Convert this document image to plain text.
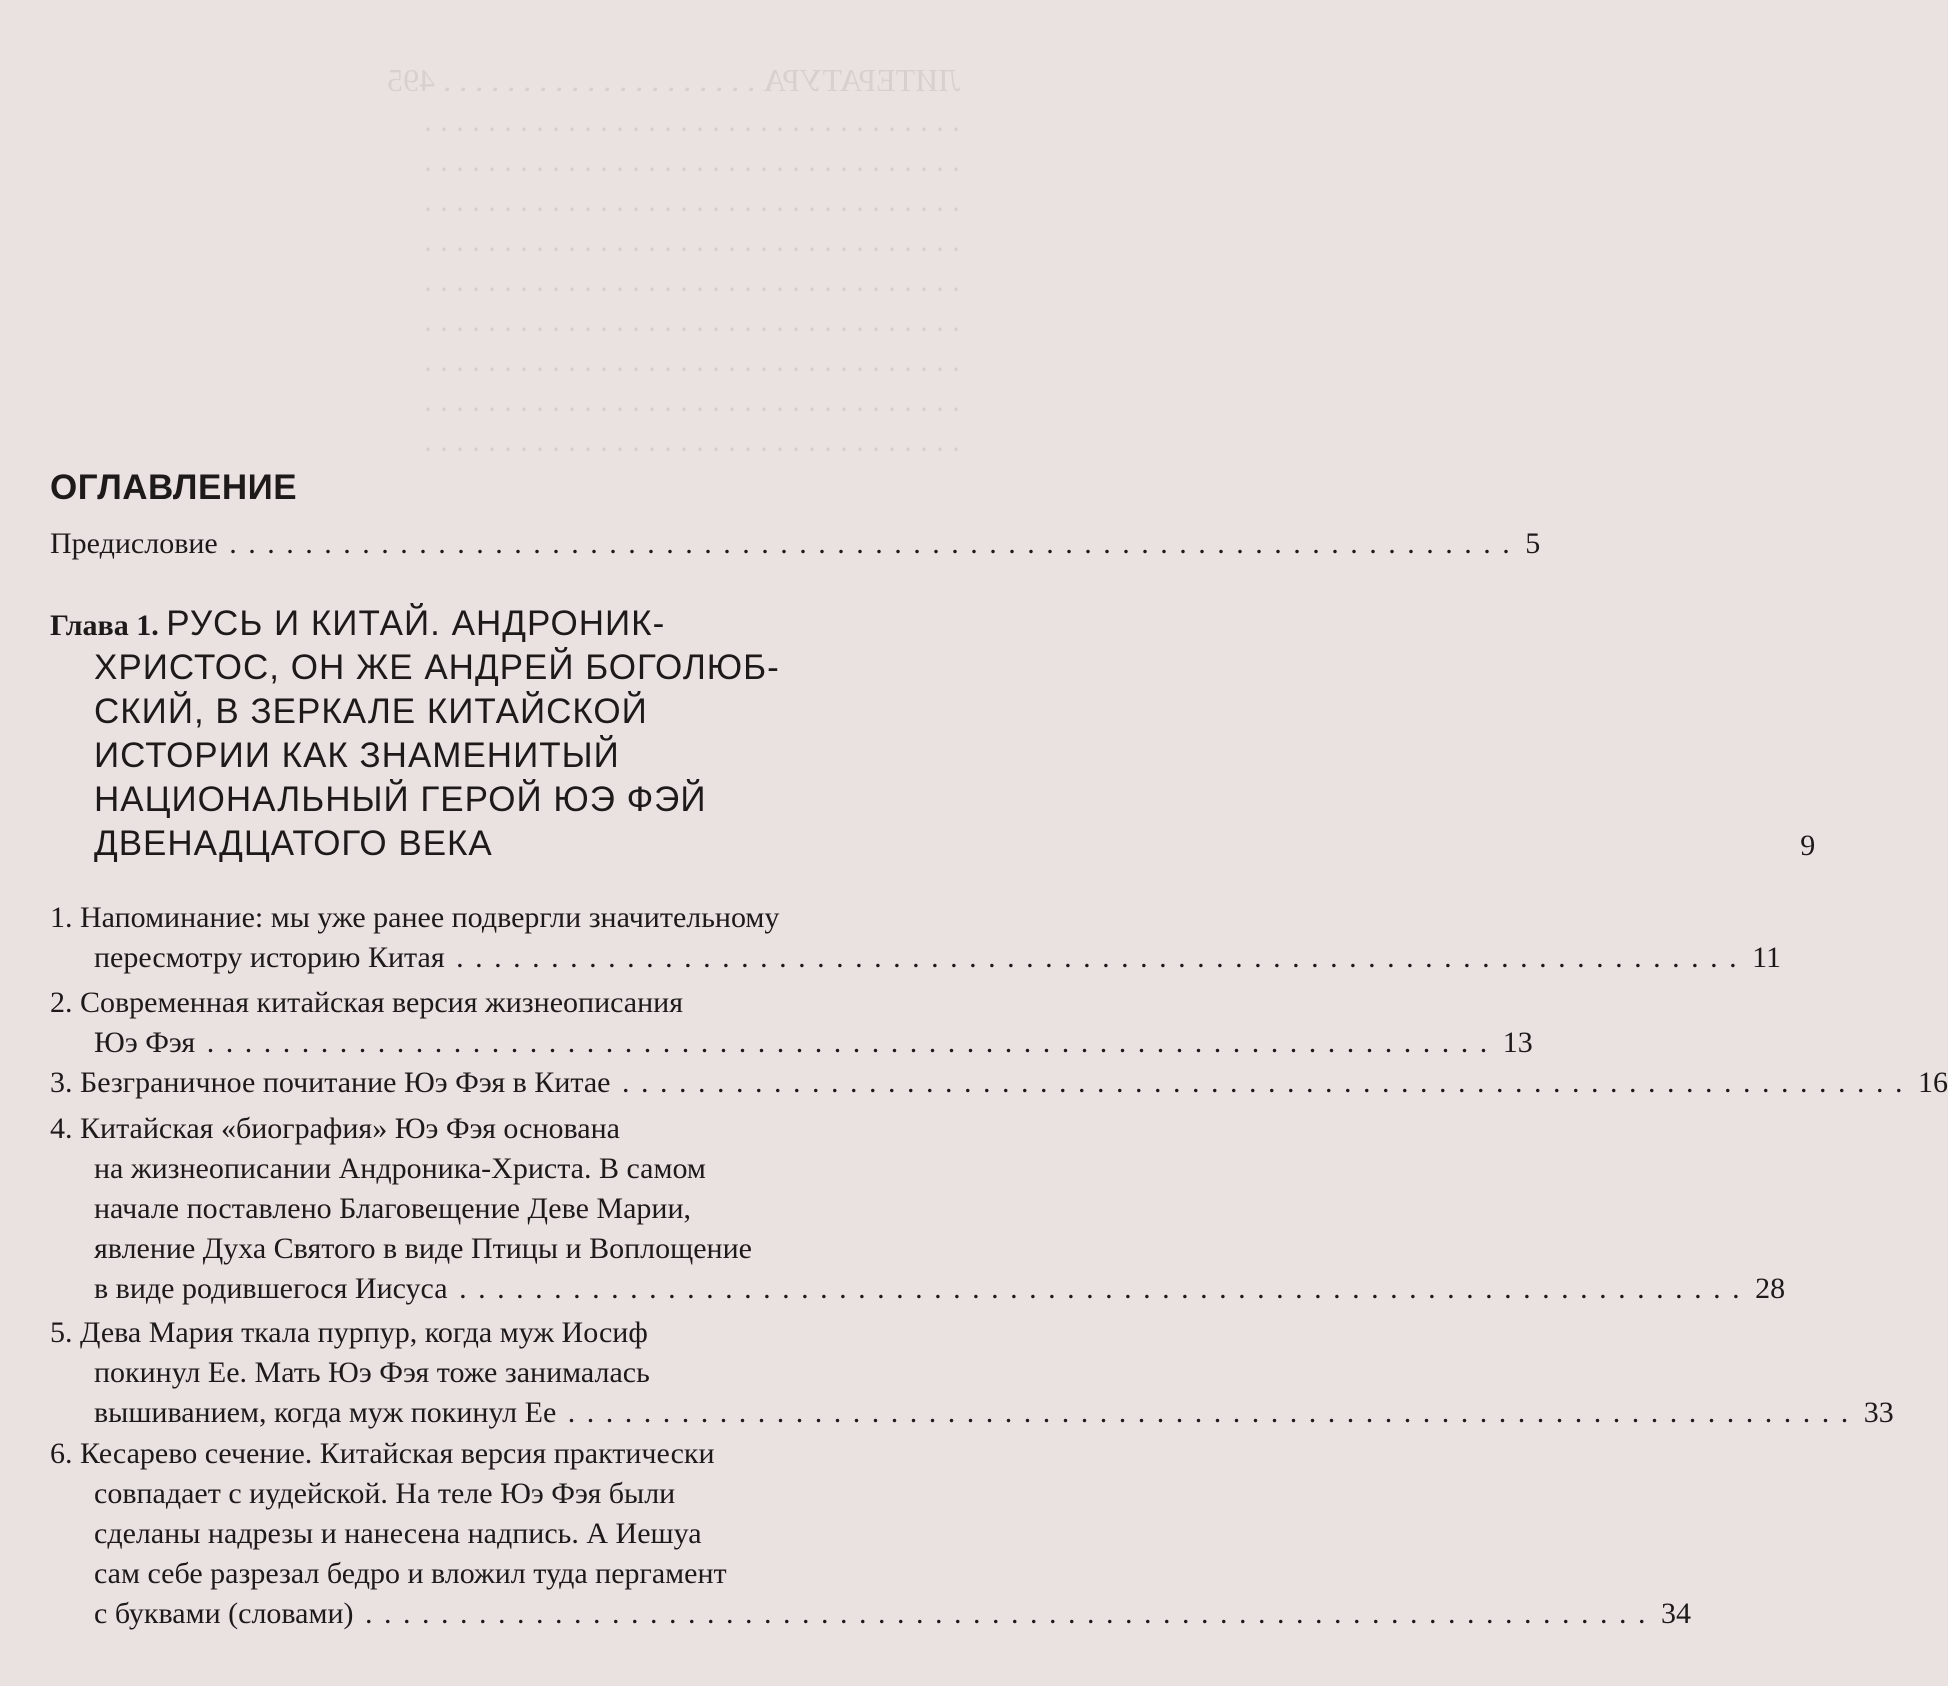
ЛИТЕРАТУРА . . . . . . . . . . . . . . . . . . . . 495
. . . . . . . . . . . . . . . . . . . . . . . . . . . . . . . . . .
. . . . . . . . . . . . . . . . . . . . . . . . . . . . . . . . . .
. . . . . . . . . . . . . . . . . . . . . . . . . . . . . . . . . .
. . . . . . . . . . . . . . . . . . . . . . . . . . . . . . . . . .
. . . . . . . . . . . . . . . . . . . . . . . . . . . . . . . . . .
. . . . . . . . . . . . . . . . . . . . . . . . . . . . . . . . . .
. . . . . . . . . . . . . . . . . . . . . . . . . . . . . . . . . .
. . . . . . . . . . . . . . . . . . . . . . . . . . . . . . . . . .
. . . . . . . . . . . . . . . . . . . . . . . . . . . . . . . . . .
ОГЛАВЛЕНИЕ
Предисловие . . .	5
Глава 1. РУСЬ И КИТАЙ. АНДРОНИК-
ХРИСТОС, ОН ЖЕ АНДРЕЙ БОГОЛЮБ-
СКИЙ, В ЗЕРКАЛЕ КИТАЙСКОЙ
ИСТОРИИ КАК ЗНАМЕНИТЫЙ
НАЦИОНАЛЬНЫЙ ГЕРОЙ ЮЭ ФЭЙ
ДВЕНАДЦАТОГО ВЕКА	9
1. Напоминание: мы уже ранее подвергли значительному
пересмотру историю Китая . . .	11
2. Современная китайская версия жизнеописания
Юэ Фэя . . .	13
3. Безграничное почитание Юэ Фэя в Китае . . .	16
4. Китайская «биография» Юэ Фэя основана
на жизнеописании Андроника-Христа. В самом
начале поставлено Благовещение Деве Марии,
явление Духа Святого в виде Птицы и Воплощение
в виде родившегося Иисуса . . .	28
5. Дева Мария ткала пурпур, когда муж Иосиф
покинул Ее. Мать Юэ Фэя тоже занималась
вышиванием, когда муж покинул Ее . . .	33
6. Кесарево сечение. Китайская версия практически
совпадает с иудейской. На теле Юэ Фэя были
сделаны надрезы и нанесена надпись. А Иешуа
сам себе разрезал бедро и вложил туда пергамент
с буквами (словами) . . .	34
